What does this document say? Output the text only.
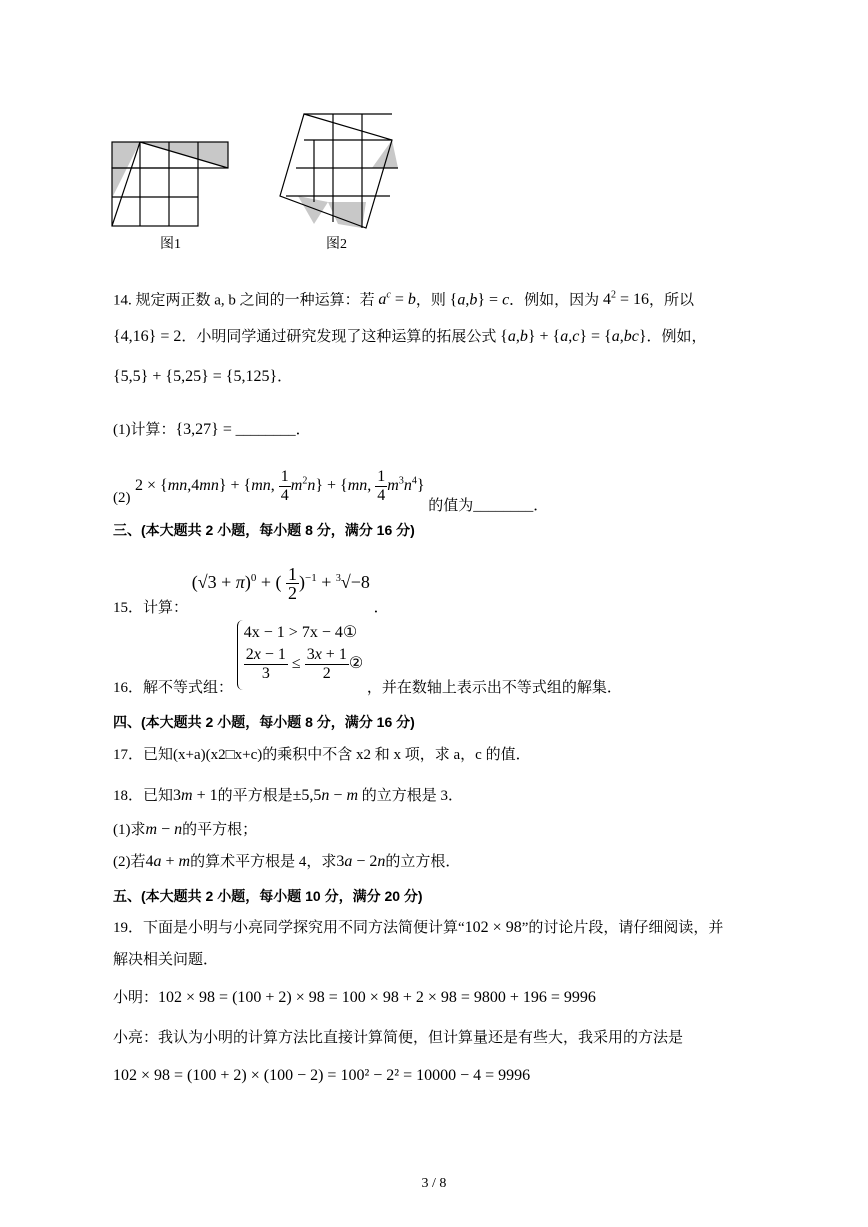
图1	图2
14. 规定两正数 a, b 之间的一种运算：若 $a^c = b$，则 {a,b} = c．例如，因为 $4^2 = 16$，所以
{4,16} = 2．小明同学通过研究发现了这种运算的拓展公式 {a,b} + {a,c} = {a,bc}．例如，
{5,5} + {5,25} = {5,125}．
(1)计算：{3,27} = ________．
(2)
2 × {mn,4mn} + {mn, $\frac{1}{4} m^2n\} + \{mn$, $\frac{1}{4} m^3n^4$} 的值为________．
三、(本大题共 2 小题，每小题 8 分，满分 16 分)
15．计算： $(√3 + \pi)^0$ + ( $\frac{1}{2} )^{-1} + ^3√-8$ ．
16．解不等式组：
4x − 1 > 7x − 4①
$\frac{2x - 1}{3} \le \frac{3x + 1}{2}$ ②
，并在数轴上表示出不等式组的解集．
四、(本大题共 2 小题，每小题 8 分，满分 16 分)
17．已知(x+a)(x2□x+c)的乘积中不含 x2 和 x 项，求 a，c 的值．
18．已知3m + 1的平方根是±5,5n − m 的立方根是 3．
(1)求m − n的平方根；
(2)若4a + m的算术平方根是 4，求3a − 2n的立方根．
五、(本大题共 2 小题，每小题 10 分，满分 20 分)
19．下面是小明与小亮同学探究用不同方法简便计算“102 × 98”的讨论片段，请仔细阅读，并
解决相关问题．
小明：102 × 98 = (100 + 2) × 98 = 100 × 98 + 2 × 98 = 9800 + 196 = 9996
小亮：我认为小明的计算方法比直接计算简便，但计算量还是有些大，我采用的方法是
102 × 98 = (100 + 2) × (100 − 2) = 100² − 2² = 10000 − 4 = 9996
3 / 8
